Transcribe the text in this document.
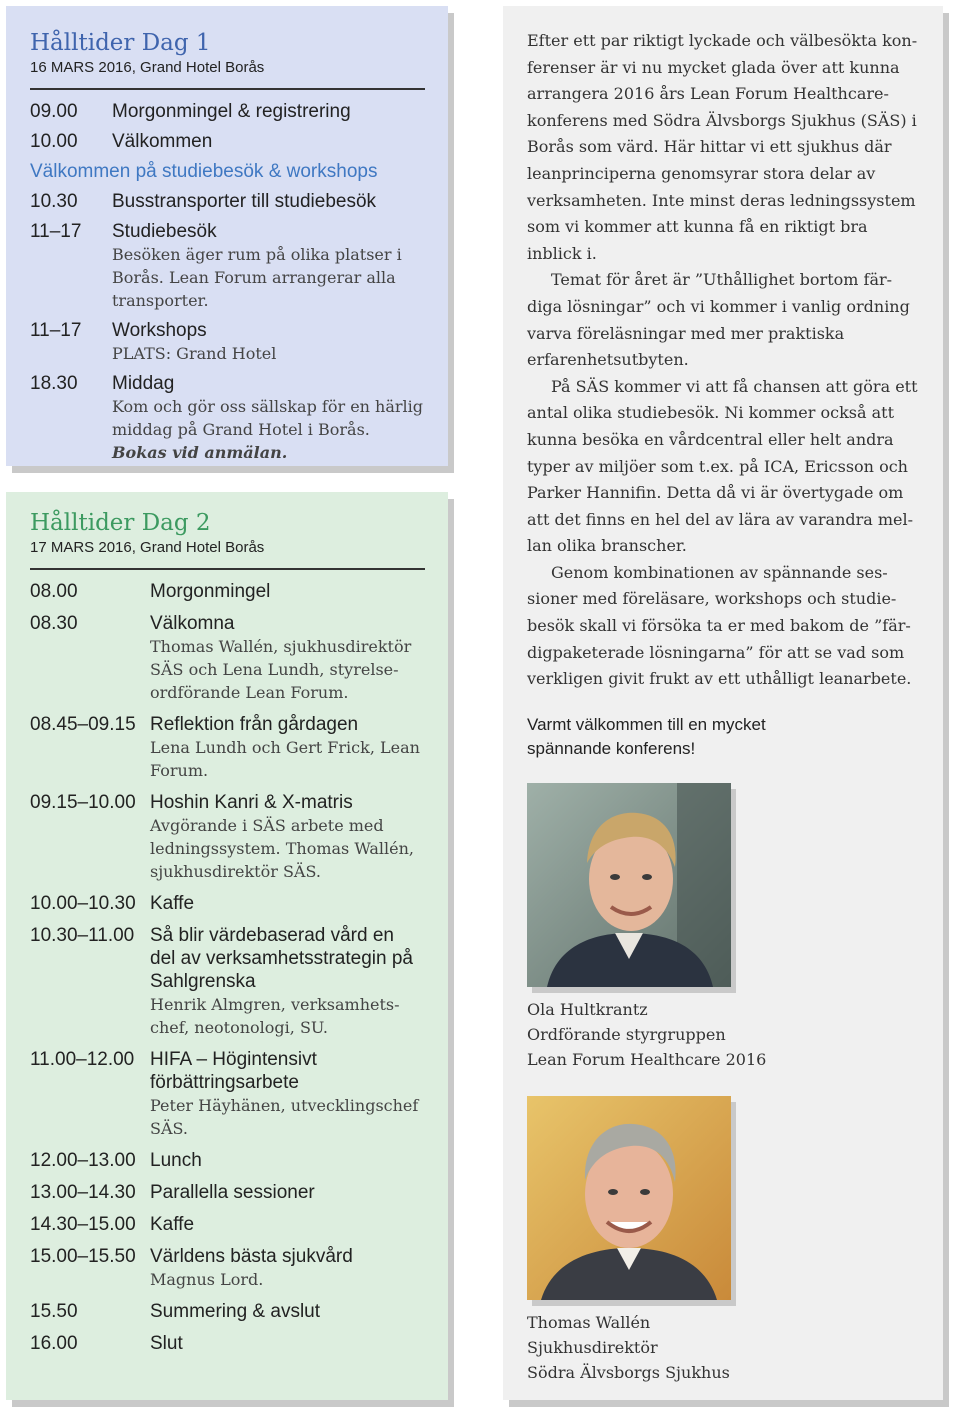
Hålltider Dag 1

16 MARS 2016, Grand Hotel Borås

09.00	Morgonmingel & registrering
10.00	Välkommen
Välkommen på studiebesök & workshops
10.30	Busstransporter till studiebesök
11–17	Studiebesök
Besöken äger rum på olika platser i Borås. Lean Forum arrangerar alla transporter.
11–17	Workshops
PLATS: Grand Hotel
18.30	Middag
Kom och gör oss sällskap för en härlig middag på Grand Hotel i Borås.
Bokas vid anmälan.
Hålltider Dag 2

17 MARS 2016, Grand Hotel Borås

08.00	Morgonmingel
08.30	Välkomna
Thomas Wallén, sjukhusdirektör SÄS och Lena Lundh, styrelseordförande Lean Forum.
08.45–09.15 Reflektion från gårdagen
Lena Lundh och Gert Frick, Lean Forum.
09.15–10.00 Hoshin Kanri & X-matris
Avgörande i SÄS arbete med ledningssystem. Thomas Wallén, sjukhusdirektör SÄS.
10.00–10.30 Kaffe
10.30–11.00 Så blir värdebaserad vård en del av verksamhetsstrategin på Sahlgrenska
Henrik Almgren, verksamhetschef, neotonologi, SU.
11.00–12.00 HIFA – Högintensivt förbättringsarbete
Peter Häyhänen, utvecklingschef SÄS.
12.00–13.00 Lunch
13.00–14.30 Parallella sessioner
14.30–15.00 Kaffe
15.00–15.50 Världens bästa sjukvård
Magnus Lord.
15.50	Summering & avslut
16.00	Slut

Efter ett par riktigt lyckade och välbesökta konferenser är vi nu mycket glada över att kunna arrangera 2016 års Lean Forum Healthcarekonferens med Södra Älvsborgs Sjukhus (SÄS) i Borås som värd. Här hittar vi ett sjukhus där leanprinciperna genomsyrar stora delar av verksamheten. Inte minst deras ledningssystem som vi kommer att kunna få en riktigt bra inblick i.

Temat för året är ”Uthållighet bortom färdiga lösningar” och vi kommer i vanlig ordning varva föreläsningar med mer praktiska erfarenhetsutbyten.

På SÄS kommer vi att få chansen att göra ett antal olika studiebesök. Ni kommer också att kunna besöka en vårdcentral eller helt andra typer av miljöer som t.ex. på ICA, Ericsson och Parker Hannifin. Detta då vi är övertygade om att det finns en hel del av lära av varandra mellan olika branscher.

Genom kombinationen av spännande sessioner med föreläsare, workshops och studiebesök skall vi försöka ta er med bakom de ”färdigpaketerade lösningarna” för att se vad som verkligen givit frukt av ett uthålligt leanarbete.

Varmt välkommen till en mycket spännande konferens!

Ola Hultkrantz
Ordförande styrgruppen
Lean Forum Healthcare 2016
Thomas Wallén
Sjukhusdirektör
Södra Älvsborgs Sjukhus
